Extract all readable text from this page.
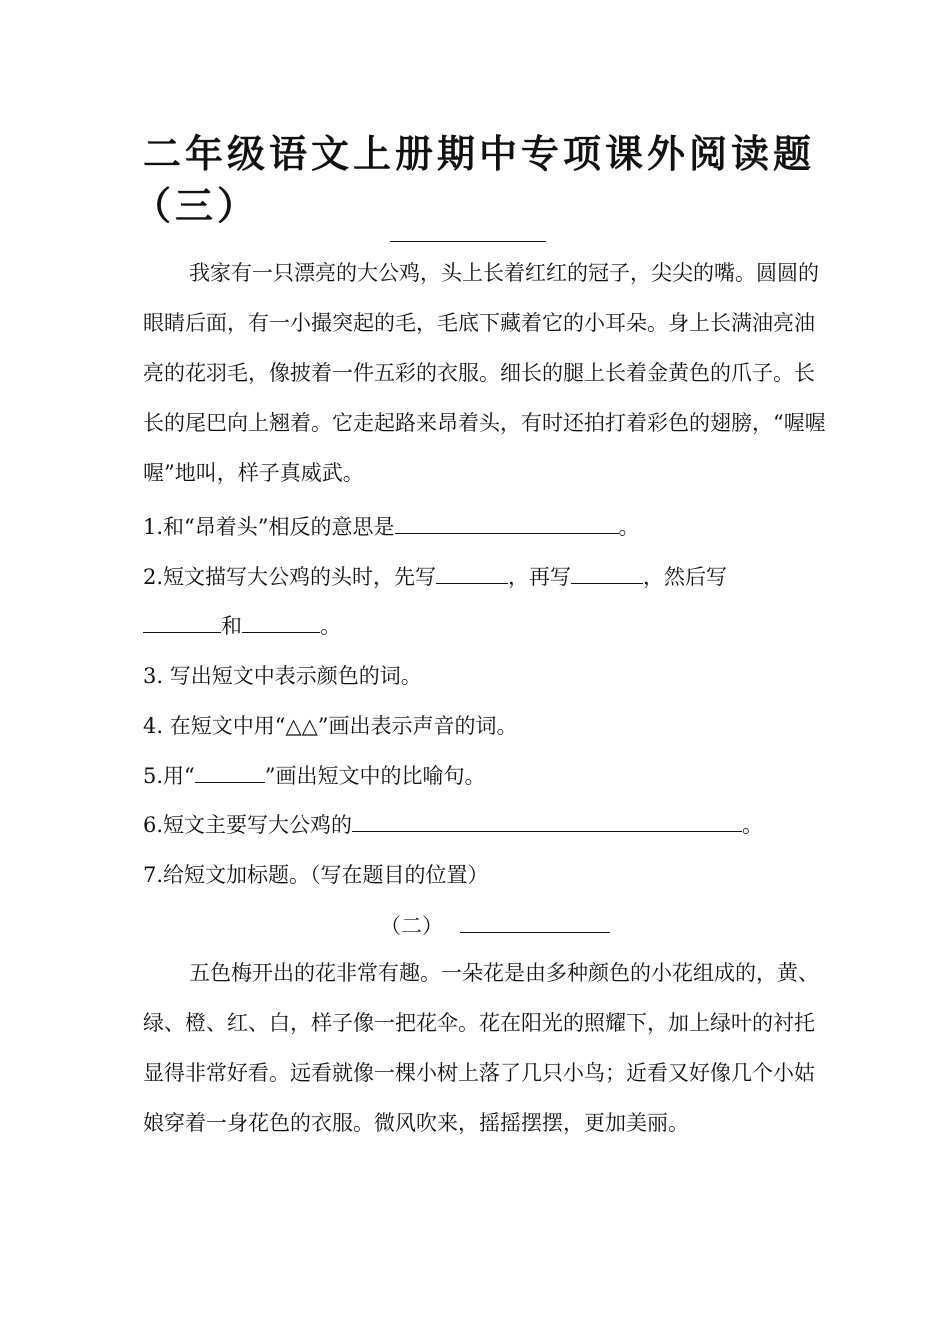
二年级语文上册期中专项课外阅读题
（三）
我家有一只漂亮的大公鸡，头上长着红红的冠子，尖尖的嘴。圆圆的眼睛后面，有一小撮突起的毛，毛底下藏着它的小耳朵。身上长满油亮油亮的花羽毛，像披着一件五彩的衣服。细长的腿上长着金黄色的爪子。长长的尾巴向上翘着。它走起路来昂着头，有时还拍打着彩色的翅膀，“喔喔喔”地叫，样子真威武。
1.和“昂着头”相反的意思是	。
2.短文描写大公鸡的头时，先写	，再写	，然后写
和	。
3. 写出短文中表示颜色的词。
4. 在短文中用“△△”画出表示声音的词。
5.用“	”画出短文中的比喻句。
6.短文主要写大公鸡的	。
7.给短文加标题。（写在题目的位置）
（二）
五色梅开出的花非常有趣。一朵花是由多种颜色的小花组成的，黄、绿、橙、红、白，样子像一把花伞。花在阳光的照耀下，加上绿叶的衬托显得非常好看。远看就像一棵小树上落了几只小鸟；近看又好像几个小姑娘穿着一身花色的衣服。微风吹来，摇摇摆摆，更加美丽。
